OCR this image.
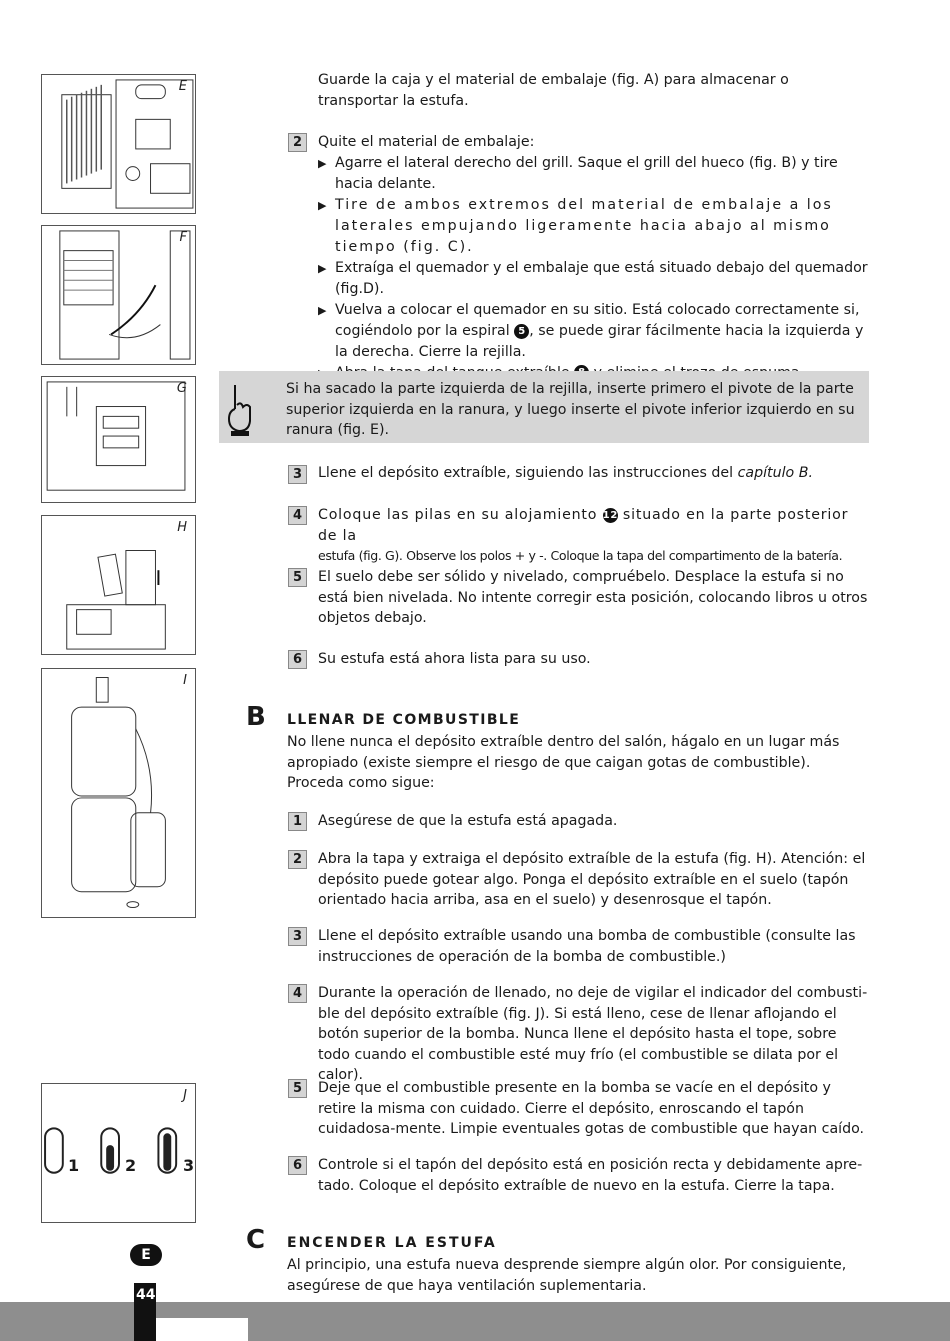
E
F
G
H
I
J
1	2	3
Guarde la caja y el material de embalaje (fig. A) para almacenar o transportar la estufa.
2	Quite el material de embalaje:

▶ Agarre el lateral derecho del grill. Saque el grill del hueco (fig. B) y tire hacia delante.

▶ Tire de ambos extremos del material de embalaje a los laterales empujando ligeramente hacia abajo al mismo tiempo (fig. C).

▶ Extraíga el quemador y el embalaje que está situado debajo del quemador (fig.D).

▶ Vuelva a colocar el quemador en su sitio. Está colocado correctamente si, cogiéndolo por la espiral 5 , se puede girar fácilmente hacia la izquierda y la derecha. Cierre la rejilla.

▶

Si ha sacado la parte izquierda de la rejilla, inserte primero el pivote de la parte superior izquierda en la ranura, y luego inserte el pivote inferior izquierdo en su ranura (fig. E).
3	Llene el depósito extraíble, siguiendo las instrucciones del capítulo B.
4	Coloque las pilas en su alojamiento 12 situado en la parte posterior de la

estufa (fig. G). Observe los polos + y -. Coloque la tapa del compartimento de la batería.

5	El suelo debe ser sólido y nivelado, compruébelo. Desplace la estufa si no está bien nivelada. No intente corregir esta posición, colocando libros u otros objetos debajo.
6	Su estufa está ahora lista para su uso.
B LLENAR DE COMBUSTIBLE
No llene nunca el depósito extraíble dentro del salón, hágalo en un lugar más apropiado (existe siempre el riesgo de que caigan gotas de combustible). Proceda como sigue:
1	Asegúrese de que la estufa está apagada.
2	Abra la tapa y extraiga el depósito extraíble de la estufa (fig. H). Atención: el depósito puede gotear algo. Ponga el depósito extraíble en el suelo (tapón orientado hacia arriba, asa en el suelo) y desenrosque el tapón.
3	Llene el depósito extraíble usando una bomba de combustible (consulte las instrucciones de operación de la bomba de combustible.)
4	Durante la operación de llenado, no deje de vigilar el indicador del combusti-ble del depósito extraíble (fig. J). Si está lleno, cese de llenar aflojando el botón superior de la bomba. Nunca llene el depósito hasta el tope, sobre todo cuando el combustible esté muy frío (el combustible se dilata por el calor).
5	Deje que el combustible presente en la bomba se vacíe en el depósito y retire la misma con cuidado. Cierre el depósito, enroscando el tapón cuidadosa-mente. Limpie eventuales gotas de combustible que hayan caído.
6	Controle si el tapón del depósito está en posición recta y debidamente apre-tado. Coloque el depósito extraíble de nuevo en la estufa. Cierre la tapa.
C ENCENDER LA ESTUFA
Al principio, una estufa nueva desprende siempre algún olor. Por consiguiente, asegúrese de que haya ventilación suplementaria.
44
E
